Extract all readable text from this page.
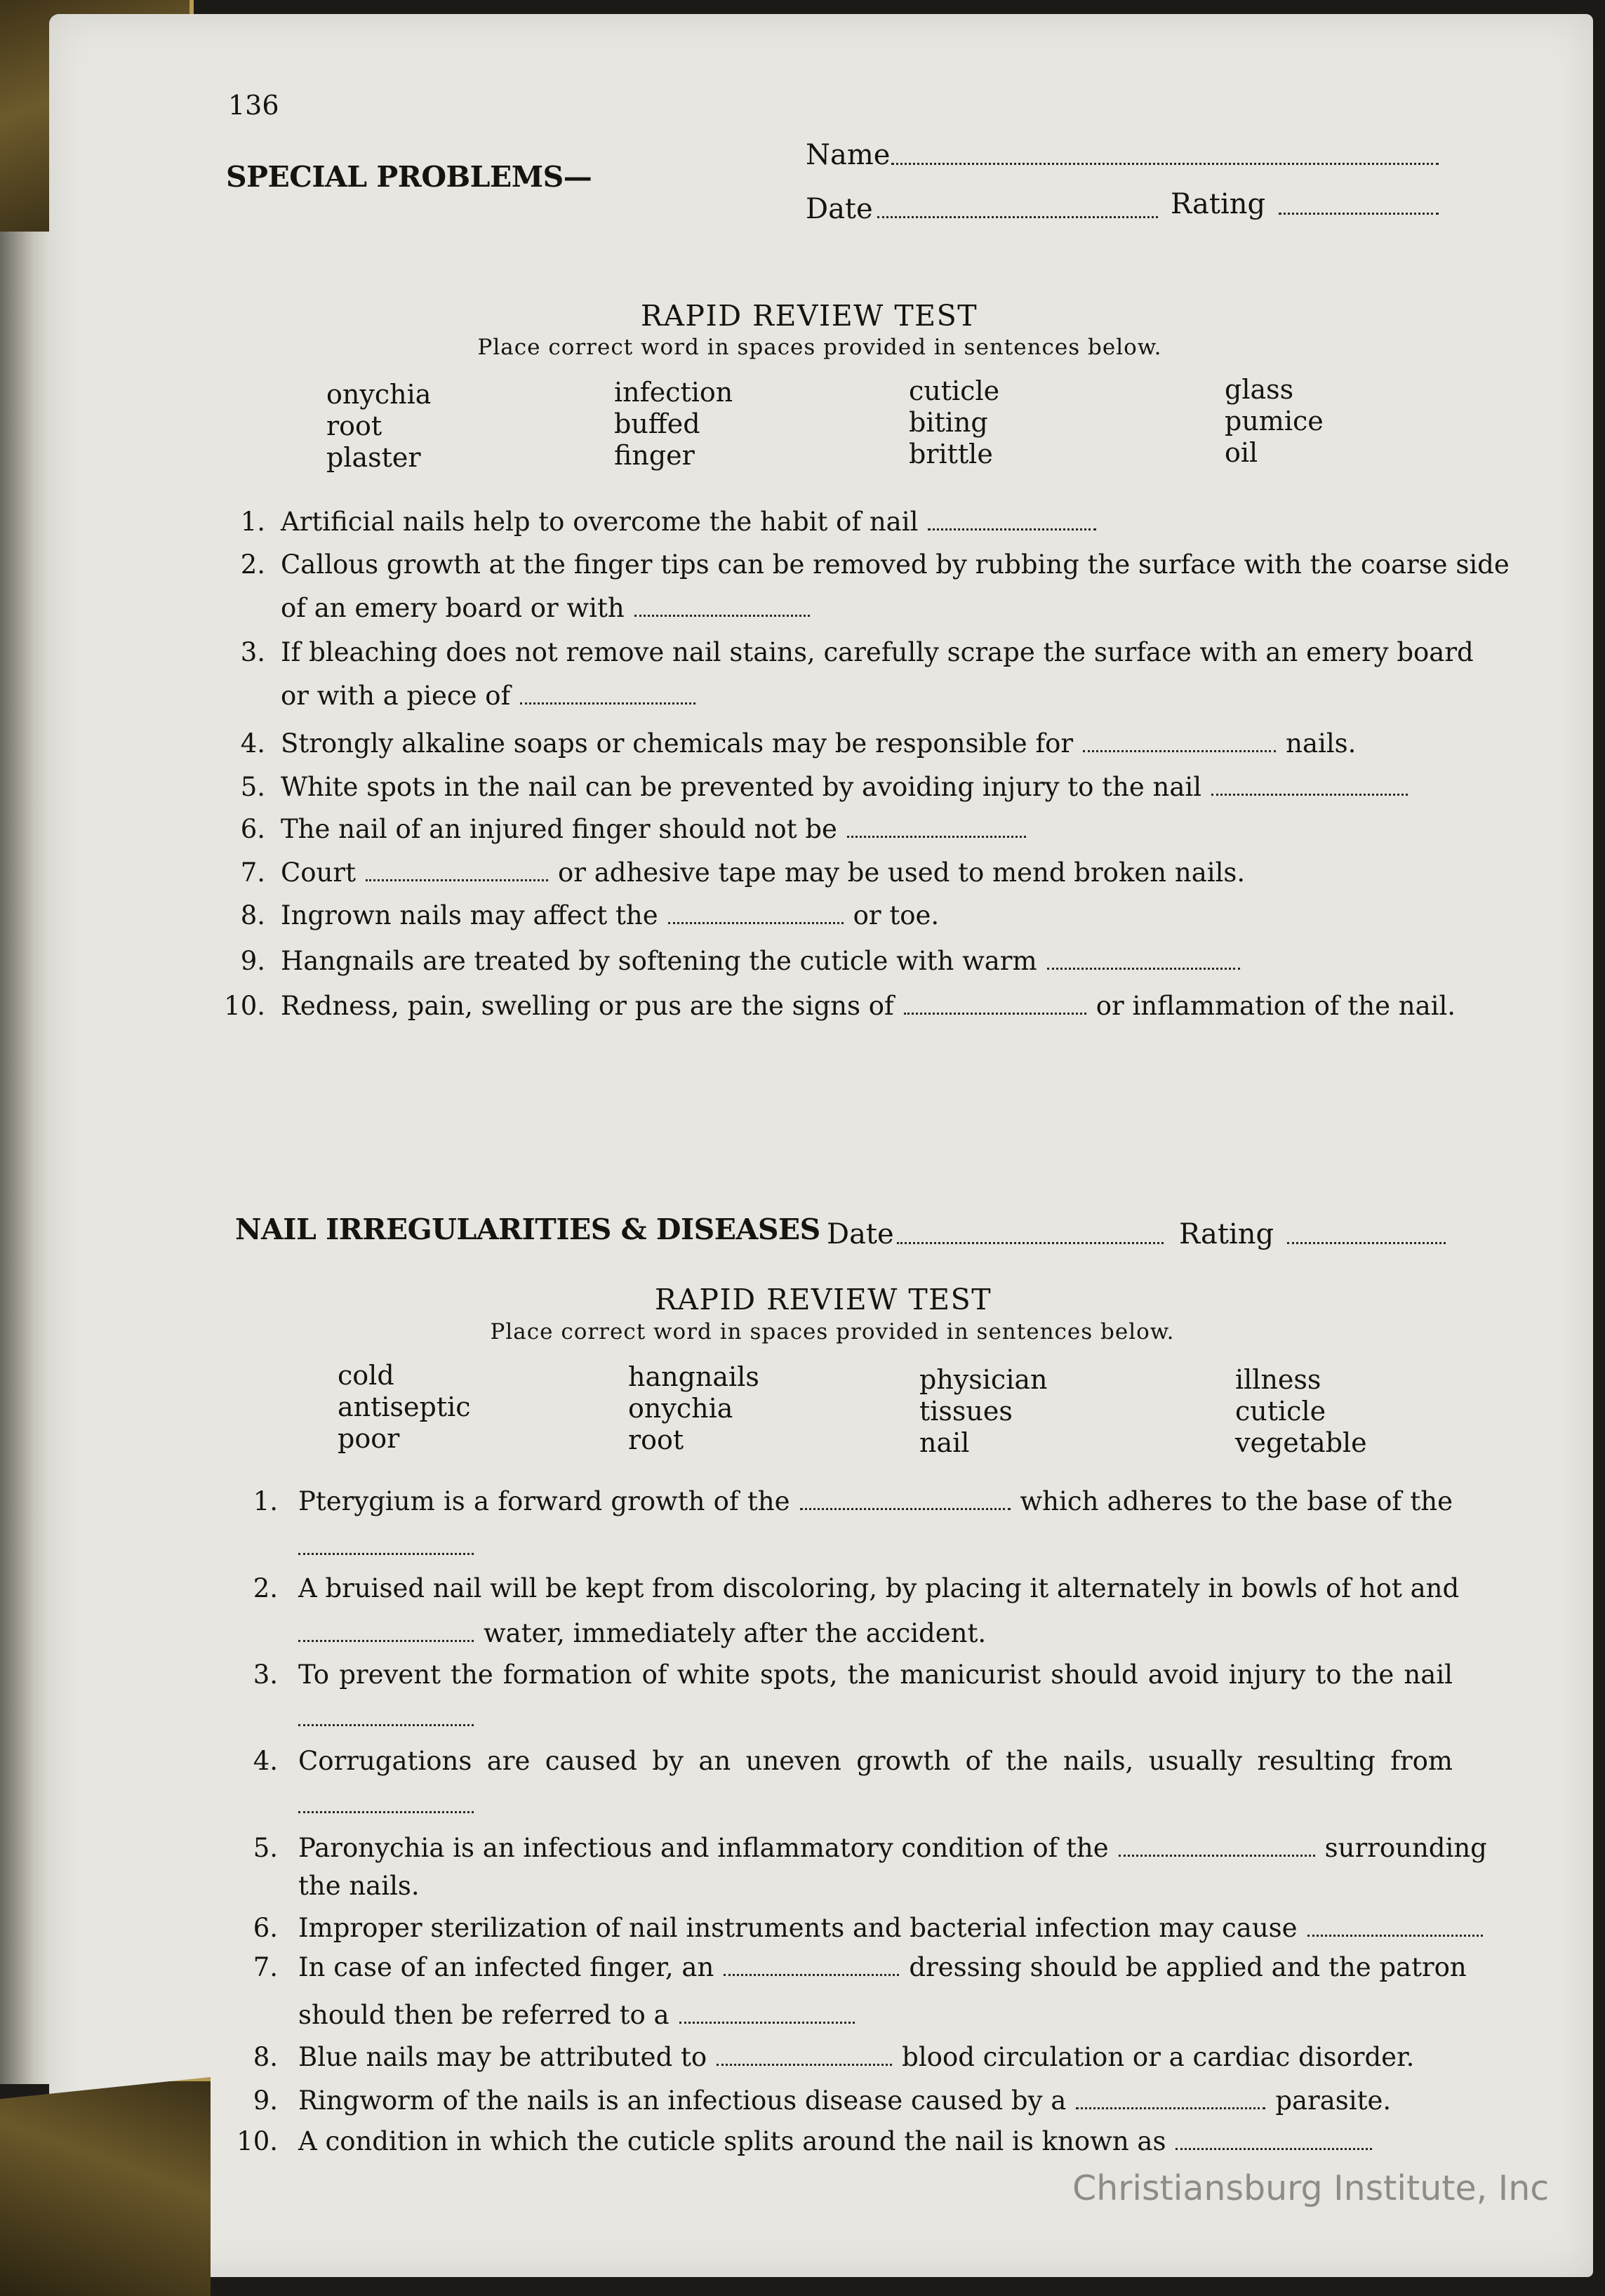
136
SPECIAL PROBLEMS—
Name
Date	Rating
RAPID REVIEW TEST
Place correct word in spaces provided in sentences below.
onychia
root
plaster
infection
buffed
finger
cuticle
biting
brittle
glass
pumice
oil
1. Artificial nails help to overcome the habit of nail
2. Callous growth at the finger tips can be removed by rubbing the surface with the coarse side
of an emery board or with
3. If bleaching does not remove nail stains, carefully scrape the surface with an emery board
or with a piece of
4. Strongly alkaline soaps or chemicals may be responsible for	nails.
5. White spots in the nail can be prevented by avoiding injury to the nail
6. The nail of an injured finger should not be
7. Court	or adhesive tape may be used to mend broken nails.
8. Ingrown nails may affect the	or toe.
9. Hangnails are treated by softening the cuticle with warm
10. Redness, pain, swelling or pus are the signs of	or inflammation of the nail.
NAIL IRREGULARITIES & DISEASES Date	Rating
RAPID REVIEW TEST
Place correct word in spaces provided in sentences below.
cold
antiseptic
poor
hangnails
onychia
root
physician
tissues
nail
illness
cuticle
vegetable
1. Pterygium is a forward growth of the	which adheres to the base of the
2. A bruised nail will be kept from discoloring, by placing it alternately in bowls of hot and
water, immediately after the accident.
3. To prevent the formation of white spots, the manicurist should avoid injury to the nail
4. Corrugations are caused by an uneven growth of the nails, usually resulting from
5. Paronychia is an infectious and inflammatory condition of the	surrounding
the nails.
6. Improper sterilization of nail instruments and bacterial infection may cause
7. In case of an infected finger, an	dressing should be applied and the patron
should then be referred to a
8. Blue nails may be attributed to	blood circulation or a cardiac disorder.
9. Ringworm of the nails is an infectious disease caused by a	parasite.
10. A condition in which the cuticle splits around the nail is known as
Christiansburg Institute, Inc
